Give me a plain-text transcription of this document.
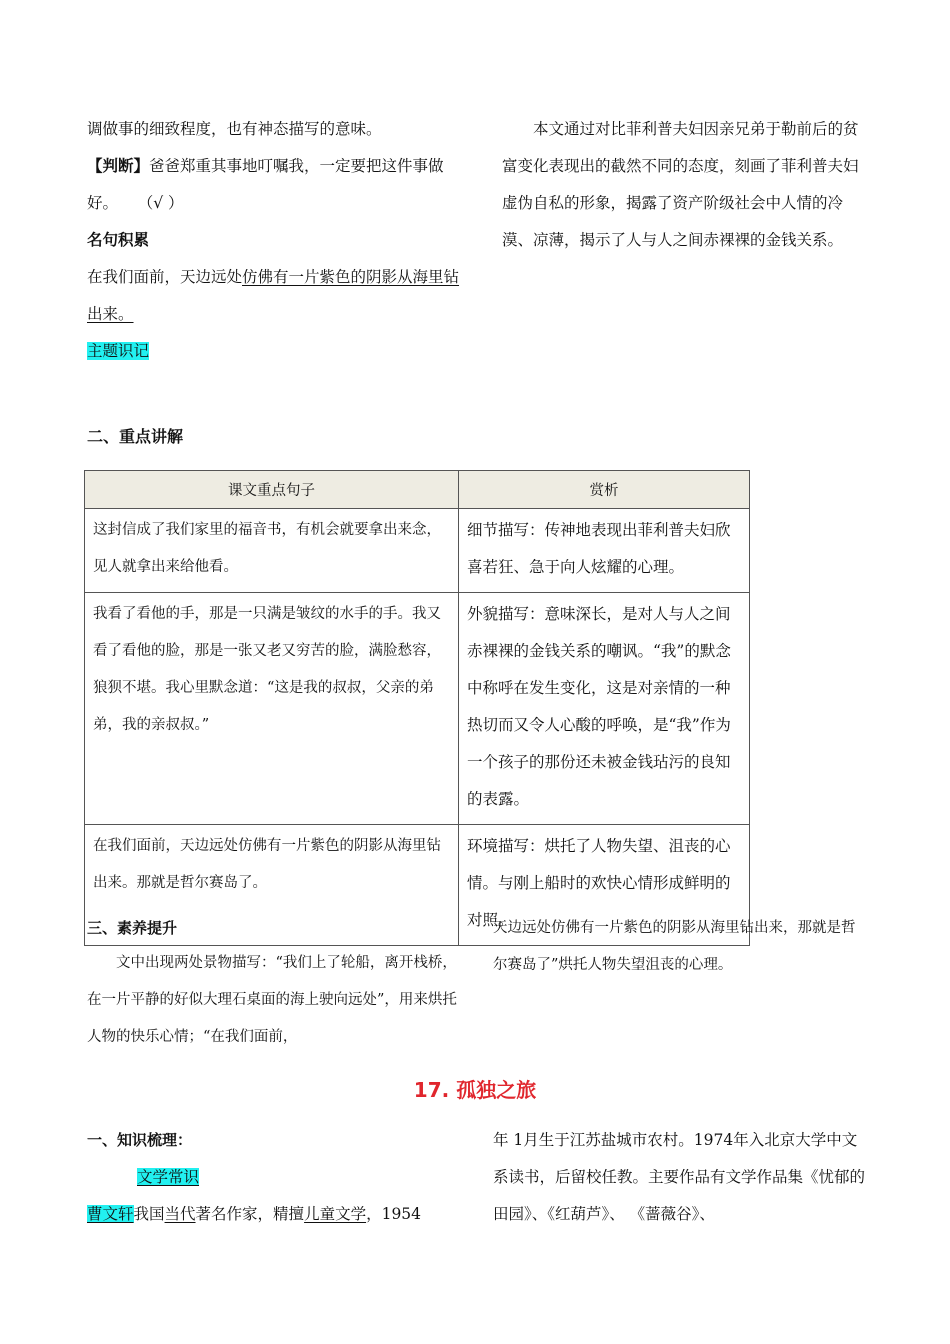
调做事的细致程度，也有神态描写的意味。
【判断】爸爸郑重其事地叮嘱我，一定要把这件事做好。 （√ ）
名句积累
在我们面前，天边远处仿佛有一片紫色的阴影从海里钻出来。
主题识记
本文通过对比菲利普夫妇因亲兄弟于勒前后的贫富变化表现出的截然不同的态度，刻画了菲利普夫妇虚伪自私的形象，揭露了资产阶级社会中人情的冷漠、凉薄，揭示了人与人之间赤裸裸的金钱关系。
二、重点讲解
课文重点句子	赏析
这封信成了我们家里的福音书，有机会就要拿出来念，见人就拿出来给他看。	细节描写：传神地表现出菲利普夫妇欣喜若狂、急于向人炫耀的心理。
我看了看他的手，那是一只满是皱纹的水手的手。我又看了看他的脸，那是一张又老又穷苦的脸，满脸愁容，狼狈不堪。我心里默念道：“这是我的叔叔，父亲的弟弟，我的亲叔叔。”	外貌描写：意味深长，是对人与人之间赤裸裸的金钱关系的嘲讽。“我”的默念中称呼在发生变化，这是对亲情的一种热切而又令人心酸的呼唤，是“我”作为一个孩子的那份还未被金钱玷污的良知的表露。
在我们面前，天边远处仿佛有一片紫色的阴影从海里钻出来。那就是哲尔赛岛了。	环境描写：烘托了人物失望、沮丧的心情。与刚上船时的欢快心情形成鲜明的对照。
三、素养提升
文中出现两处景物描写：“我们上了轮船，离开栈桥，在一片平静的好似大理石桌面的海上驶向远处”，用来烘托人物的快乐心情；“在我们面前，
天边远处仿佛有一片紫色的阴影从海里钻出来，那就是哲尔赛岛了”烘托人物失望沮丧的心理。
17. 孤独之旅
一、知识梳理：
文学常识
曹文轩我国当代著名作家，精擅儿童文学，1954
年 1月生于江苏盐城市农村。1974年入北京大学中文系读书，后留校任教。主要作品有文学作品集《忧郁的田园》、《红葫芦》、 《蔷薇谷》、
